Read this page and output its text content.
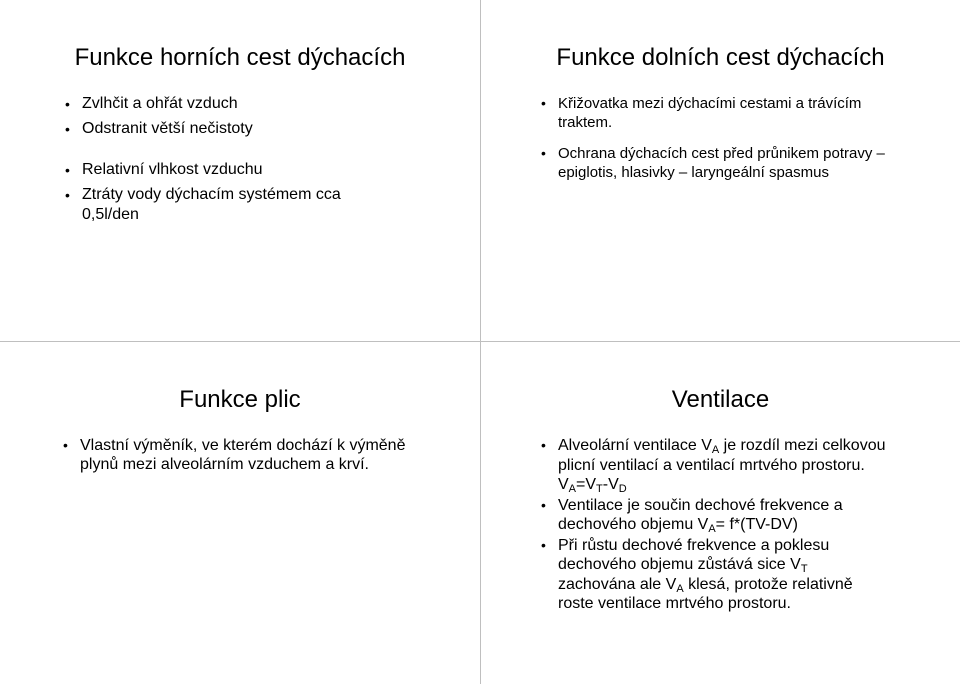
Funkce horních cest dýchacích
• Zvlhčit a ohřát vzduch
• Odstranit větší nečistoty
• Relativní vlhkost vzduchu
• Ztráty vody dýchacím systémem cca 0,5l/den
Funkce dolních cest dýchacích
• Křižovatka mezi dýchacími cestami a trávícím traktem.
• Ochrana dýchacích cest před průnikem potravy – epiglotis, hlasivky – laryngeální spasmus
Funkce plic
• Vlastní výměník, ve kterém dochází k výměně plynů mezi alveolárním vzduchem a krví.
Ventilace
• Alveolární ventilace $V_A$ je rozdíl mezi celkovou plicní ventilací a ventilací mrtvého prostoru. $V_A=V_T-V_D$
• Ventilace je součin dechové frekvence a dechového objemu $V_A= f*(TV-DV)$
• Při růstu dechové frekvence a poklesu dechového objemu zůstává sice $V_T$ zachována ale $V_A$ klesá, protože relativně roste ventilace mrtvého prostoru.
